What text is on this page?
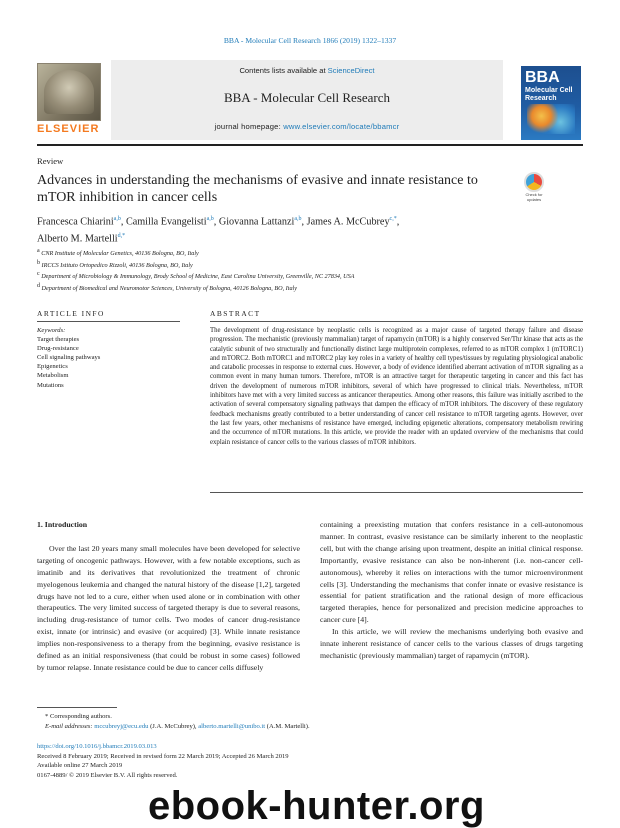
BBA - Molecular Cell Research 1866 (2019) 1322–1337
ELSEVIER
Contents lists available at ScienceDirect
BBA - Molecular Cell Research
journal homepage: www.elsevier.com/locate/bbamcr
BBA
Molecular Cell Research
Review
Advances in understanding the mechanisms of evasive and innate resistance to mTOR inhibition in cancer cells	Check for updates
Francesca Chiarini$^{a,b}$, Camilla Evangelisti$^{a,b}$, Giovanna Lattanzi$^{a,b}$, James A. McCubrey$^{c,*}$,
Alberto M. Martelli$^{d,*}$
$^a$ CNR Institute of Molecular Genetics, 40136 Bologna, BO, Italy
$^b$ IRCCS Istituto Ortopedico Rizzoli, 40136 Bologna, BO, Italy
$^c$ Department of Microbiology & Immunology, Brody School of Medicine, East Carolina University, Greenville, NC 27834, USA
$^d$ Department of Biomedical and Neuromotor Sciences, University of Bologna, 40126 Bologna, BO, Italy
ARTICLE INFO	ABSTRACT
Keywords:
Target therapies
Drug-resistance
Cell signaling pathways
Epigenetics
Metabolism
Mutations
The development of drug-resistance by neoplastic cells is recognized as a major cause of targeted therapy failure and disease progression. The mechanistic (previously mammalian) target of rapamycin (mTOR) is a highly conserved Ser/Thr kinase that acts as the catalytic subunit of two structurally and functionally distinct large multiprotein complexes, referred to as mTOR complex 1 (mTORC1) and mTORC2. Both mTORC1 and mTORC2 play key roles in a variety of healthy cell types/tissues by regulating physiological anabolic and catabolic processes in response to external cues. However, a body of evidence identified aberrant activation of mTOR signaling as a common event in many human tumors. Therefore, mTOR is an attractive target for therapeutic targeting in cancer and this fact has driven the development of numerous mTOR inhibitors, several of which have progressed to clinical trials. Nevertheless, mTOR inhibitors have met with a very limited success as anticancer therapeutics. Among other reasons, this failure was initially ascribed to the activation of several compensatory signaling pathways that dampen the efficacy of mTOR inhibitors. The discovery of these regulatory feedback mechanisms greatly contributed to a better understanding of cancer cell resistance to mTOR targeting agents. However, over the last few years, other mechanisms of resistance have emerged, including epigenetic alterations, compensatory metabolism rewiring and the occurrence of mTOR mutations. In this article, we provide the reader with an updated overview of the mechanisms that could explain resistance of cancer cells to the various classes of mTOR inhibitors.
1. Introduction

Over the last 20 years many small molecules have been developed for selective targeting of oncogenic pathways. However, with a few notable exceptions, such as imatinib and its derivatives that revolutionized the treatment of chronic myelogenous leukemia and changed the natural history of the disease [1,2], targeted drugs have not led to a cure, either when used alone or in combination with other therapeutics. The very limited success of targeted therapy is due to several reasons, including drug-resistance of tumor cells. Two modes of cancer drug-resistance exist, innate (or intrinsic) and evasive (or acquired) [3]. While innate resistance implies non-responsiveness to a therapy from the beginning, evasive resistance is defined as an initial responsiveness (that could be robust in some cases) followed by tumor relapse. Innate resistance could be due to cancer cells diffusely

containing a preexisting mutation that confers resistance in a cell-autonomous manner. In contrast, evasive resistance can be similarly inherent to the neoplastic cell, but with the change arising upon treatment, despite an initial clinical response. Importantly, evasive resistance can also be non-inherent (i.e. non-cancer cell-autonomous), whereby it relies on interactions with the tumor microenvironment cells [3]. Understanding the mechanisms that confer innate or evasive resistance is essential for patient stratification and the rational design of more efficacious targeted therapies, hence for personalized and precision medicine approaches to cancer cure [4].

In this article, we will review the mechanisms underlying both evasive and innate inherent resistance of cancer cells to the various classes of drugs targeting mechanistic (previously mammalian) target of rapamycin (mTOR).

* Corresponding authors.
E-mail addresses: mccubreyj@ecu.edu (J.A. McCubrey), alberto.martelli@unibo.it (A.M. Martelli).
https://doi.org/10.1016/j.bbamcr.2019.03.013
Received 8 February 2019; Received in revised form 22 March 2019; Accepted 26 March 2019
Available online 27 March 2019
0167-4889/ © 2019 Elsevier B.V. All rights reserved.
ebook-hunter.org
